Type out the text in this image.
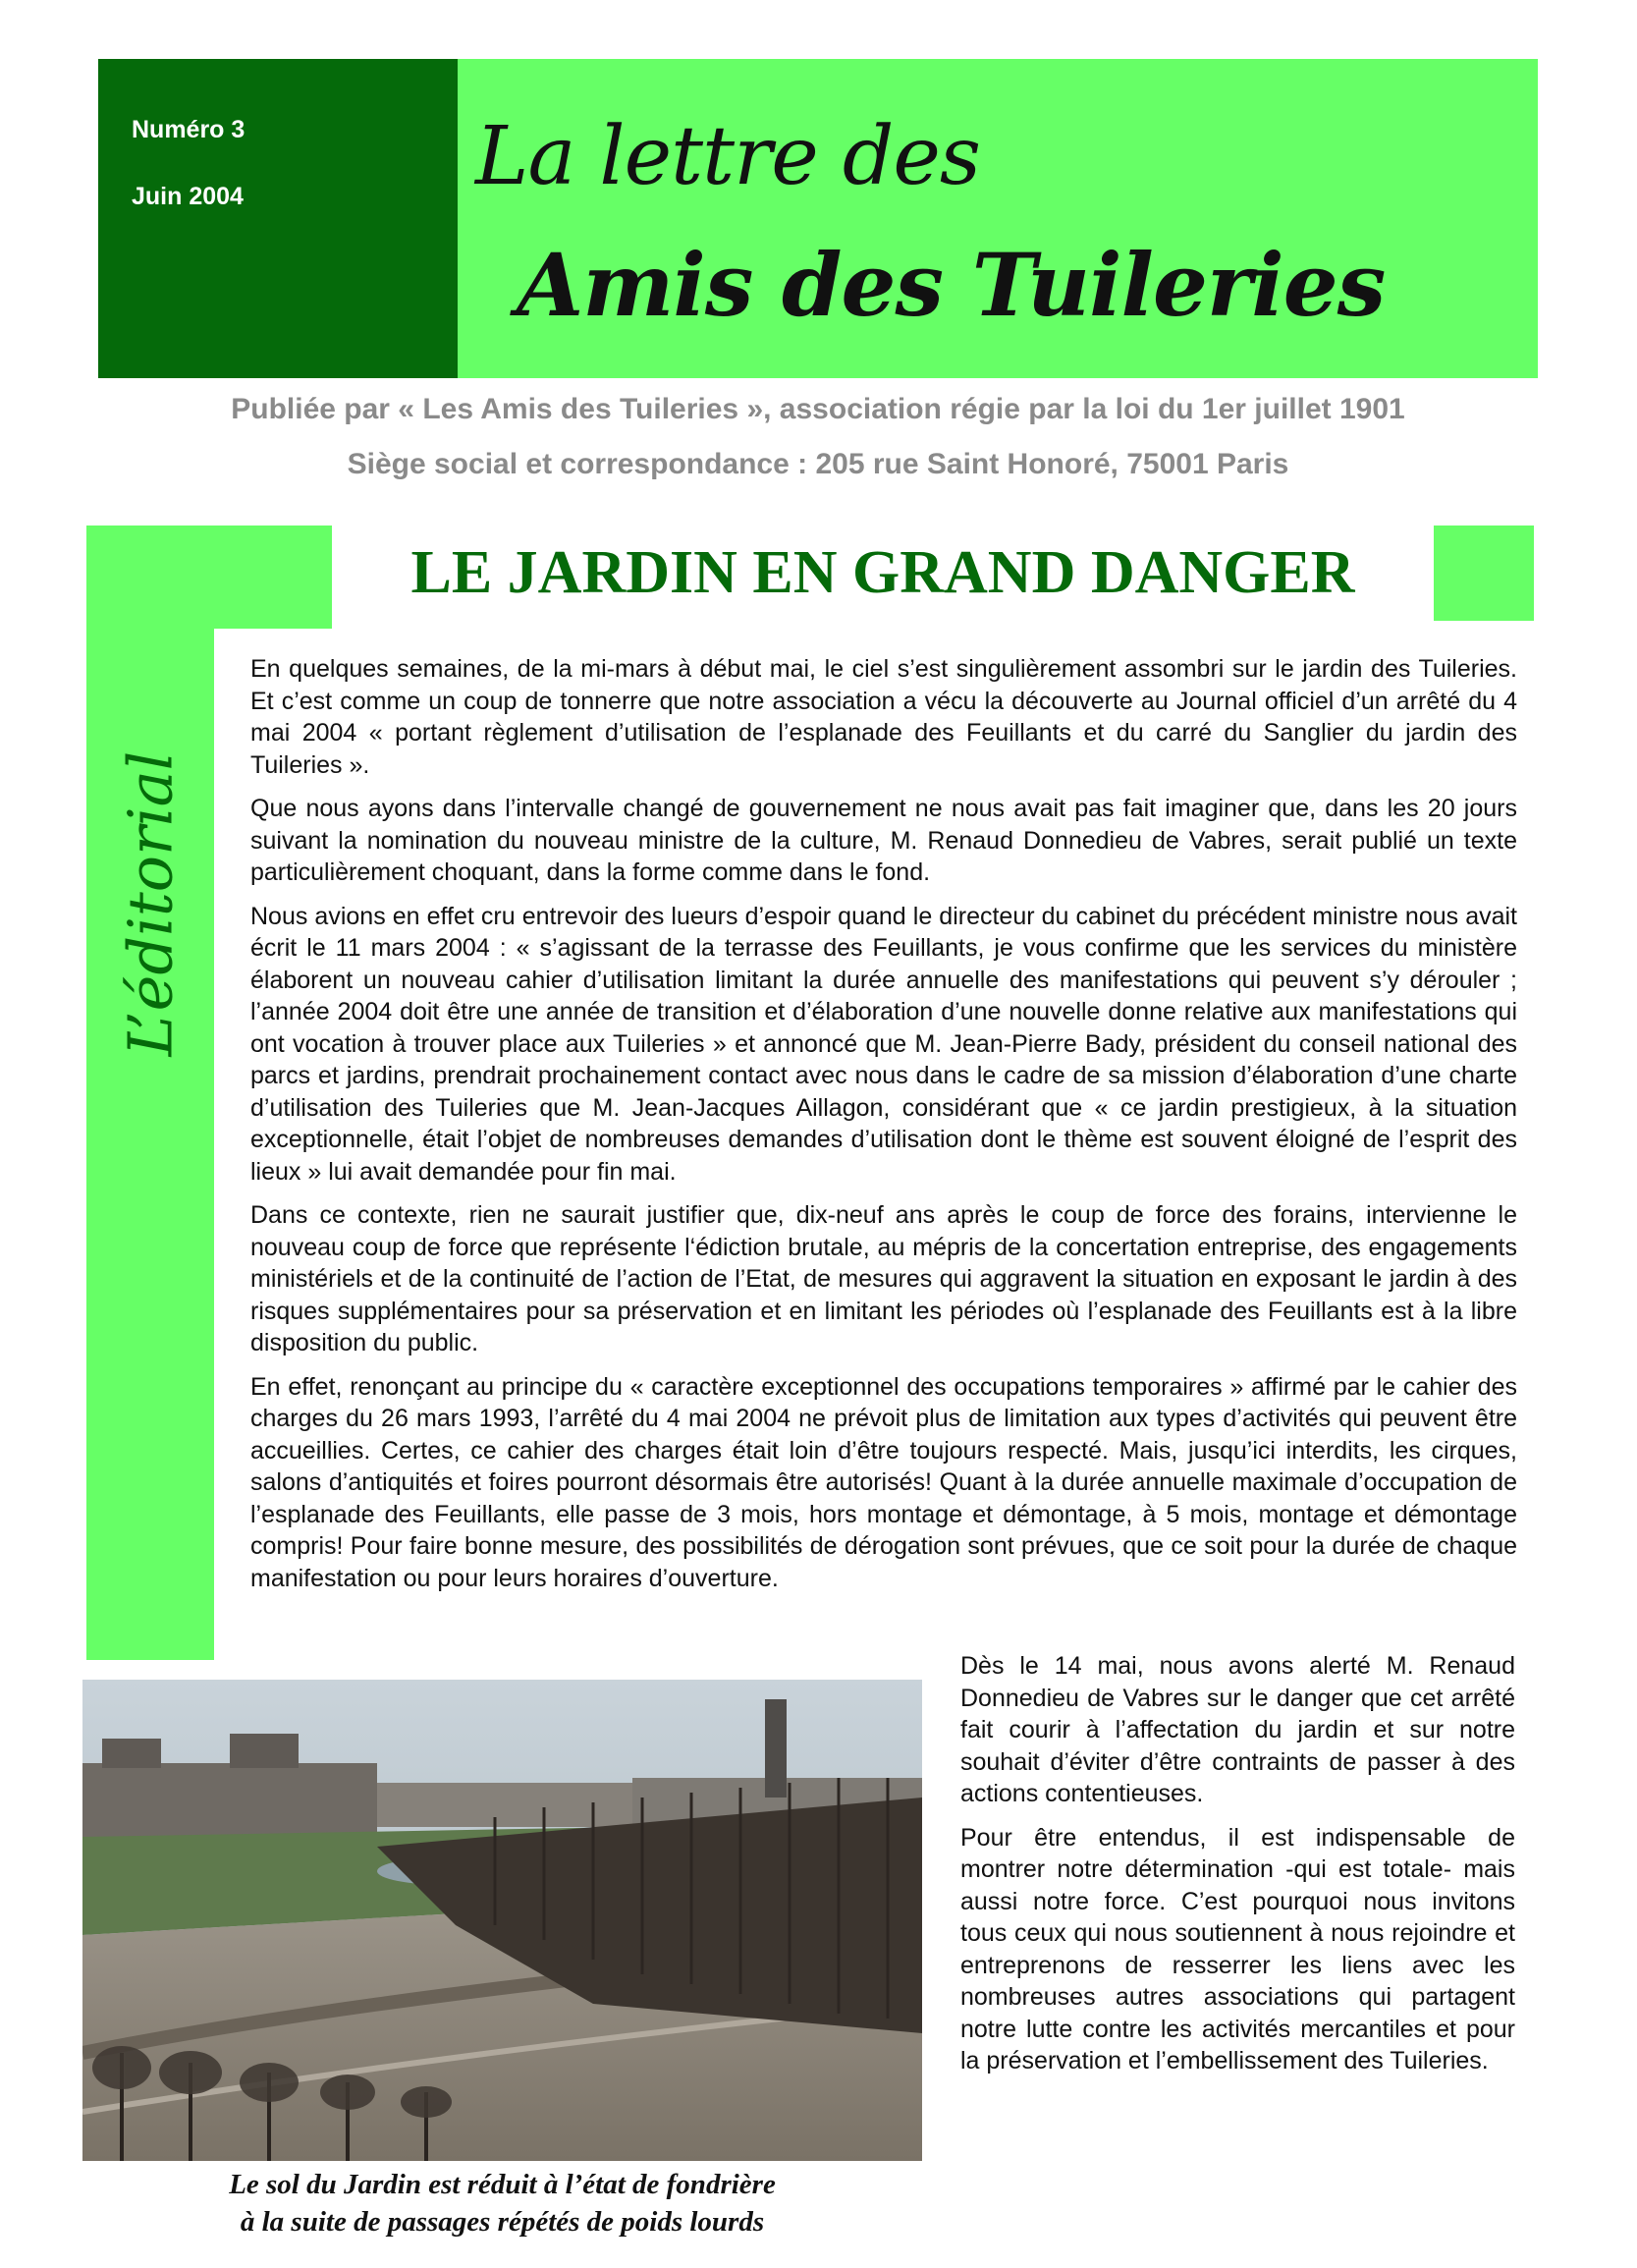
Numéro 3
Juin 2004	La lettre des
Amis des Tuileries
Publiée par « Les Amis des Tuileries », association régie par la loi du 1er juillet 1901
Siège social et correspondance : 205 rue Saint Honoré, 75001 Paris
L’éditorial
LE JARDIN EN GRAND DANGER

En quelques semaines, de la mi-mars à début mai, le ciel s’est singulièrement assombri sur le jardin des Tuileries. Et c’est comme un coup de tonnerre que notre association a vécu la découverte au Journal officiel d’un arrêté du 4 mai 2004 « portant règlement d’utilisation de l’esplanade des Feuillants et du carré du Sanglier du jardin des Tuileries ».

Que nous ayons dans l’intervalle changé de gouvernement ne nous avait pas fait imaginer que, dans les 20 jours suivant la nomination du nouveau ministre de la culture, M. Renaud Donnedieu de Vabres, serait publié un texte particulièrement choquant, dans la forme comme dans le fond.

Nous avions en effet cru entrevoir des lueurs d’espoir quand le directeur du cabinet du précédent ministre nous avait écrit le 11 mars 2004 : « s’agissant de la terrasse des Feuillants, je vous confirme que les services du ministère élaborent un nouveau cahier d’utilisation limitant la durée annuelle des manifestations qui peuvent s’y dérouler ; l’année 2004 doit être une année de transition et d’élaboration d’une nouvelle donne relative aux manifestations qui ont vocation à trouver place aux Tuileries » et annoncé que M. Jean-Pierre Bady, président du conseil national des parcs et jardins, prendrait prochainement contact avec nous dans le cadre de sa mission d’élaboration d’une charte d’utilisation des Tuileries que M. Jean-Jacques Aillagon, considérant que « ce jardin prestigieux, à la situation exceptionnelle, était l’objet de nombreuses demandes d’utilisation dont le thème est souvent éloigné de l’esprit des lieux » lui avait demandée pour fin mai.

Dans ce contexte, rien ne saurait justifier que, dix-neuf ans après le coup de force des forains, intervienne le nouveau coup de force que représente l‘édiction brutale, au mépris de la concertation entreprise, des engagements ministériels et de la continuité de l’action de l’Etat, de mesures qui aggravent la situation en exposant le jardin à des risques supplémentaires pour sa préservation et en limitant les périodes où l’esplanade des Feuillants est à la libre disposition du public.

En effet, renonçant au principe du « caractère exceptionnel des occupations temporaires » affirmé par le cahier des charges du 26 mars 1993, l’arrêté du 4 mai 2004 ne prévoit plus de limitation aux types d’activités qui peuvent être accueillies. Certes, ce cahier des charges était loin d’être toujours respecté. Mais, jusqu’ici interdits, les cirques, salons d’antiquités et foires pourront désormais être autorisés! Quant à la durée annuelle maximale d’occupation de l’esplanade des Feuillants, elle passe de 3 mois, hors montage et démontage, à 5 mois, montage et démontage compris! Pour faire bonne mesure, des possibilités de dérogation sont prévues, que ce soit pour la durée de chaque manifestation ou pour leurs horaires d’ouverture.

Dès le 14 mai, nous avons alerté M. Renaud Donnedieu de Vabres sur le danger que cet arrêté fait courir à l’affectation du jardin et sur notre souhait d’éviter d’être contraints de passer à des actions contentieuses.

Pour être entendus, il est indispensable de montrer notre détermination -qui est totale- mais aussi notre force. C’est pourquoi nous invitons tous ceux qui nous soutiennent à nous rejoindre et entreprenons de resserrer les liens avec les nombreuses autres associations qui partagent notre lutte contre les activités mercantiles et pour la préservation et l’embellissement des Tuileries.

Le sol du Jardin est réduit à l’état de fondrière
à la suite de passages répétés de poids lourds
